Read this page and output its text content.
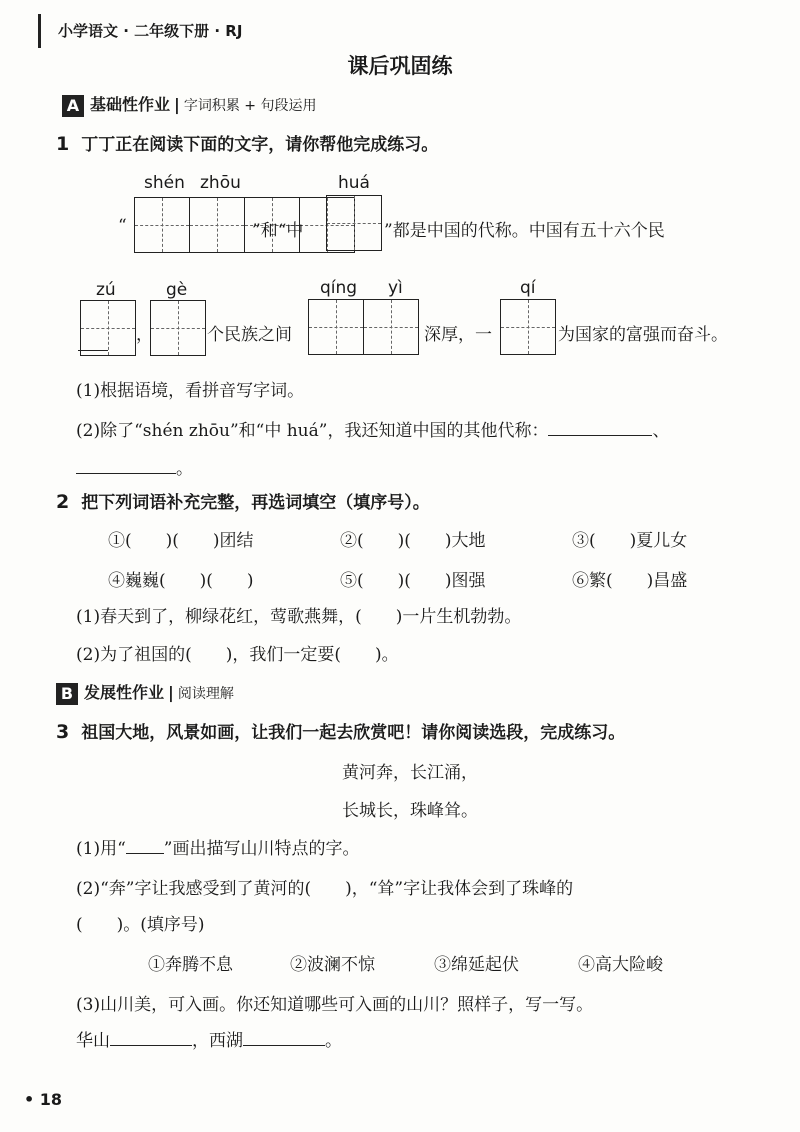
小学语文 · 二年级下册 · RJ
课后巩固练
A 基础性作业 | 字词积累 + 句段运用
1 丁丁正在阅读下面的文字，请你帮他完成练习。
shén zhōu	huá
“	”和“中	”都是中国的代称。中国有五十六个民
zú	gè	qíng yì	qí
，	个民族之间	深厚，一	为国家的富强而奋斗。
(1)根据语境，看拼音写字词。
(2)除了“shén zhōu”和“中 huá”，我还知道中国的其他代称：	、
。
2 把下列词语补充完整，再选词填空（填序号）。
①(　　)(　　)团结	②(　　)(　　)大地	③(　　)夏儿女
④巍巍(　　)(　　)	⑤(　　)(　　)图强	⑥繁(　　)昌盛
(1)春天到了，柳绿花红，莺歌燕舞，(　　)一片生机勃勃。
(2)为了祖国的(　　)，我们一定要(　　)。
B 发展性作业 | 阅读理解
3 祖国大地，风景如画，让我们一起去欣赏吧！请你阅读选段，完成练习。
黄河奔，长江涌，
长城长，珠峰耸。
(1)用“ ”画出描写山川特点的字。
(2)“奔”字让我感受到了黄河的(　　)，“耸”字让我体会到了珠峰的
(　　)。(填序号)
①奔腾不息	②波澜不惊	③绵延起伏	④高大险峻
(3)山川美，可入画。你还知道哪些可入画的山川？照样子，写一写。
华山	，西湖	。
• 18
